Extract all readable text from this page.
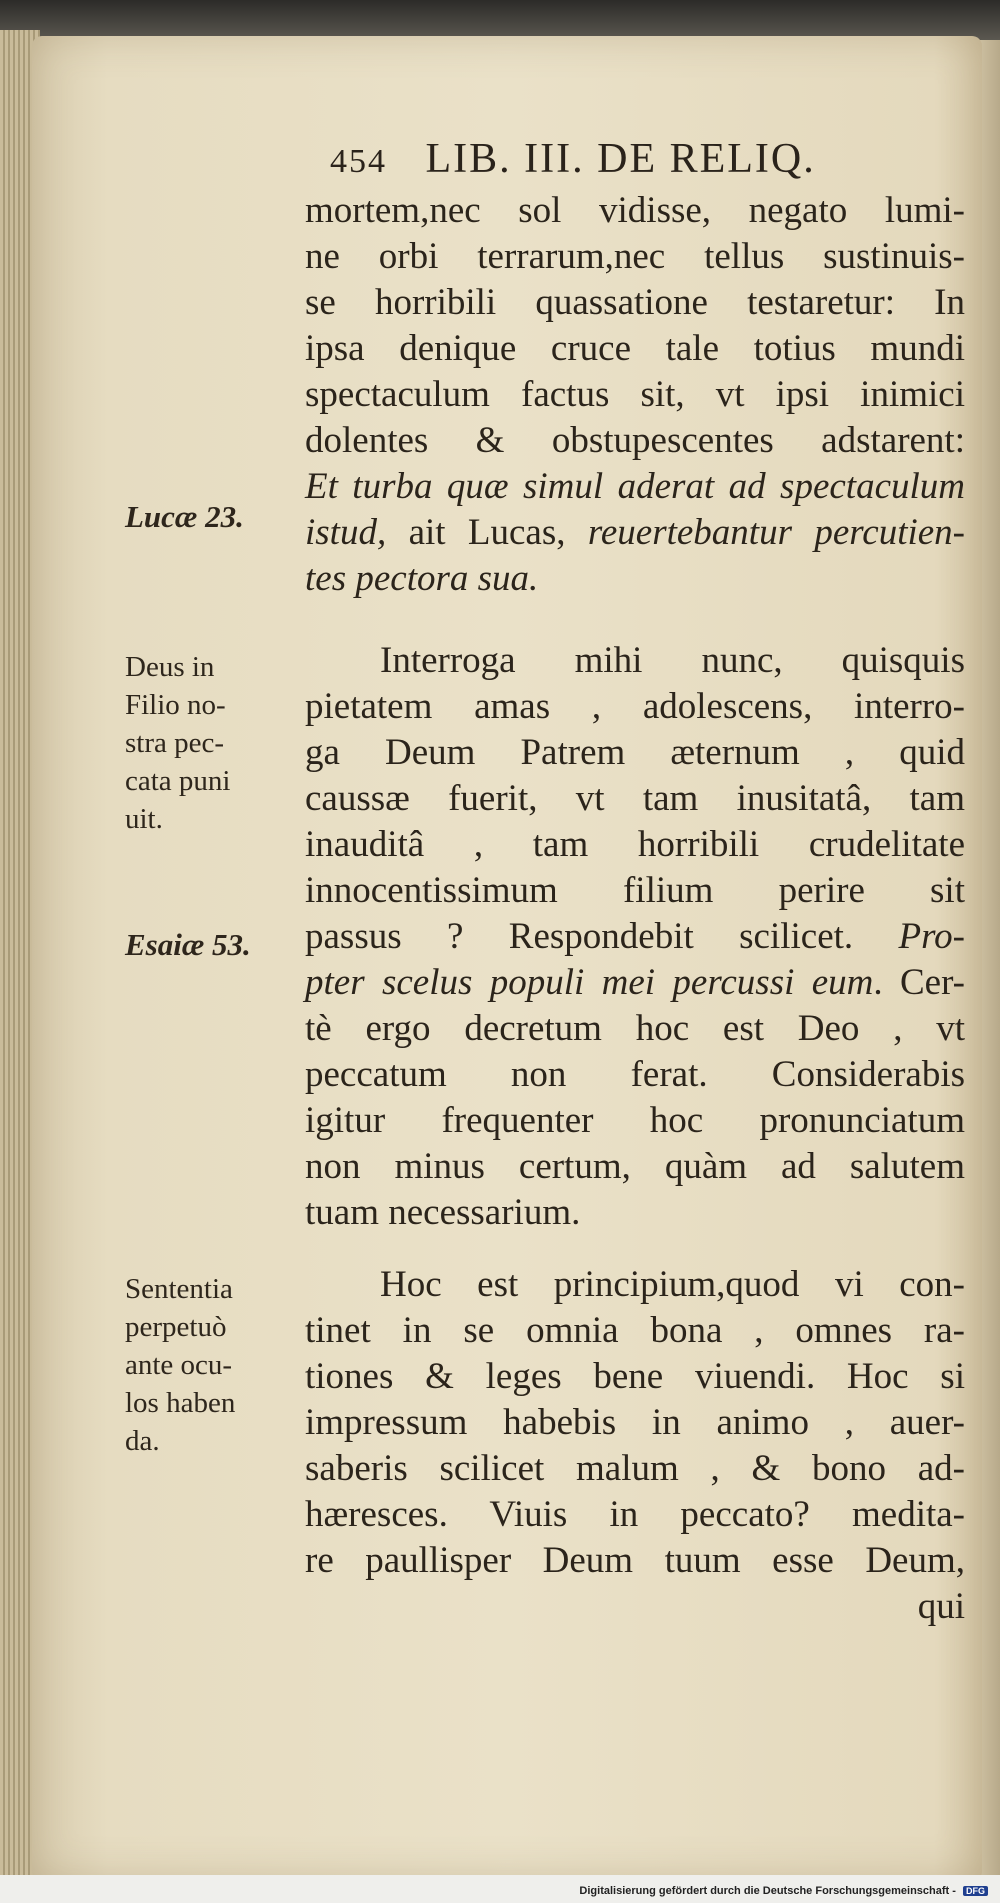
454 LIB. III. DE RELIQ.
mortem,nec sol vidisse, negato lumi-
ne orbi terrarum,nec tellus sustinuis-
se horribili quassatione testaretur: In
ipsa denique cruce tale totius mundi
spectaculum factus sit, vt ipsi inimici
dolentes & obstupescentes adstarent:
Et turba quæ simul aderat ad spectaculum
istud, ait Lucas, reuertebantur percutien-
tes pectora sua.
Interroga mihi nunc, quisquis
pietatem amas , adolescens, interro-
ga Deum Patrem æternum , quid
caussæ fuerit, vt tam inusitatâ, tam
inauditâ , tam horribili crudelitate
innocentissimum filium perire sit
passus ? Respondebit scilicet. Pro-
pter scelus populi mei percussi eum. Cer-
tè ergo decretum hoc est Deo , vt
peccatum non ferat. Considerabis
igitur frequenter hoc pronunciatum
non minus certum, quàm ad salutem
tuam necessarium.
Hoc est principium,quod vi con-
tinet in se omnia bona , omnes ra-
tiones & leges bene viuendi. Hoc si
impressum habebis in animo , auer-
saberis scilicet malum , & bono ad-
hæresces. Viuis in peccato? medita-
re paullisper Deum tuum esse Deum,
qui
Lucæ 23.
Deus in
Filio no-
stra pec-
cata puni
uit.
Esaiæ 53.
Sententia
perpetuò
ante ocu-
los haben
da.
Digitalisierung gefördert durch die Deutsche Forschungsgemeinschaft - DFG
